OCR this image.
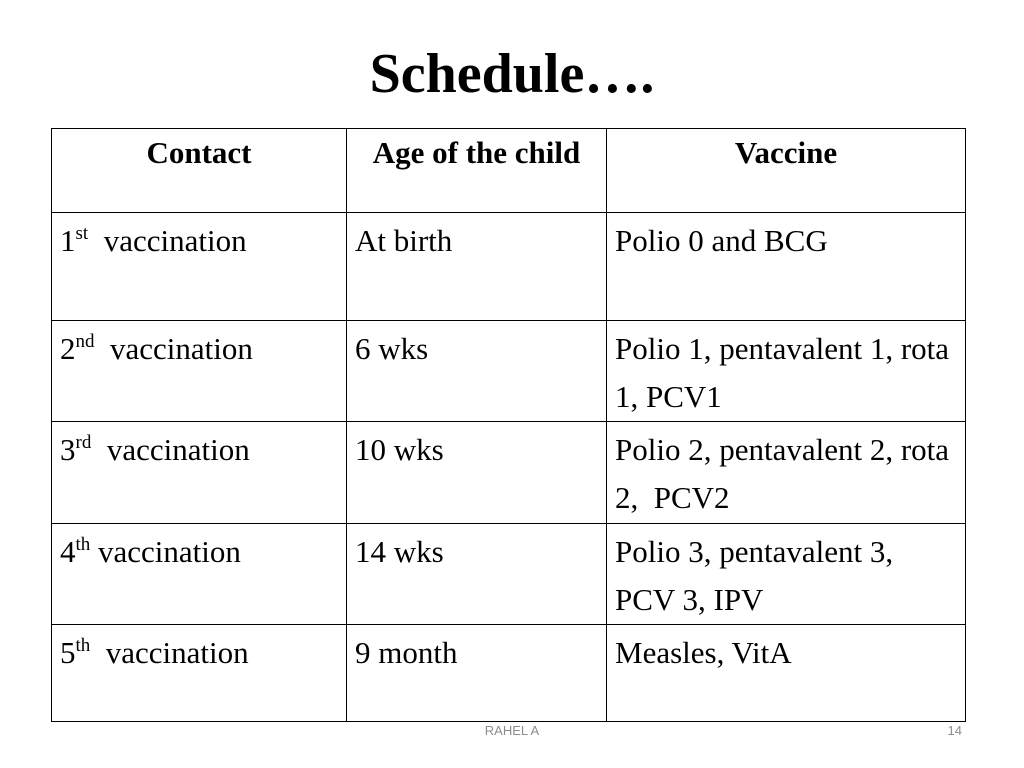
Schedule….
Contact	Age of the child	Vaccine
1st vaccination	At birth	Polio 0 and BCG
2nd vaccination	6 wks	Polio 1, pentavalent 1, rota 1, PCV1
3rd vaccination	10 wks	Polio 2, pentavalent 2, rota 2,  PCV2
4th vaccination	14 wks	Polio 3, pentavalent 3, PCV 3, IPV
5th vaccination	9 month	Measles, VitA
RAHEL A	14
